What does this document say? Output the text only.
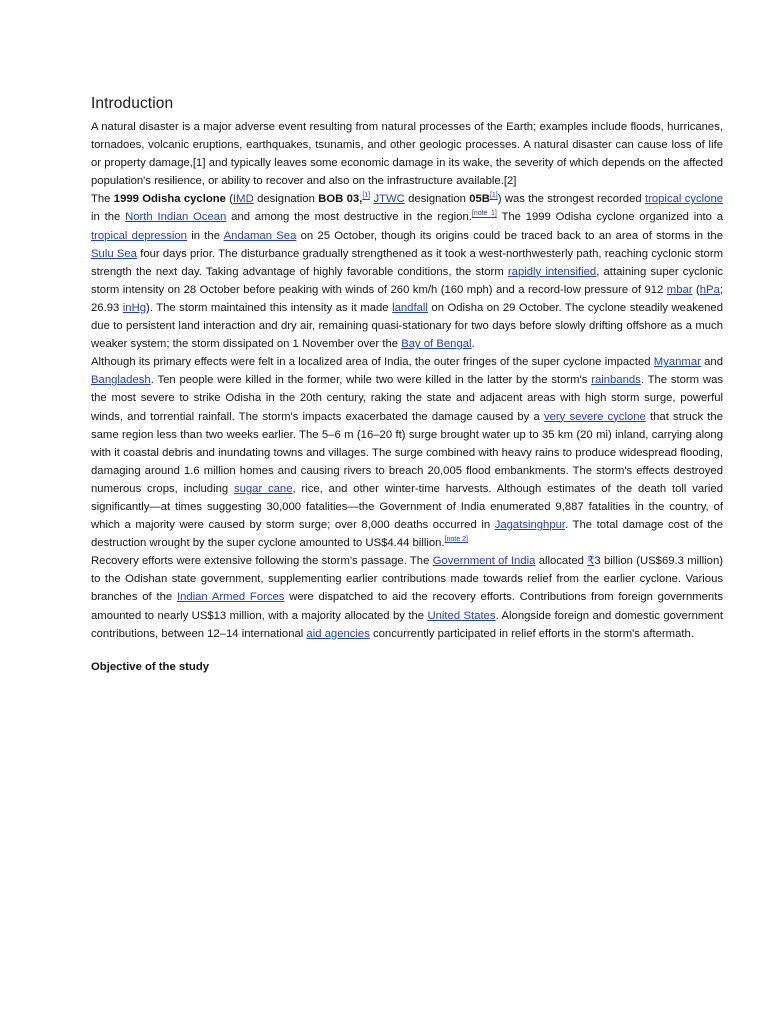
Introduction

A natural disaster is a major adverse event resulting from natural processes of the Earth; examples include floods, hurricanes, tornadoes, volcanic eruptions, earthquakes, tsunamis, and other geologic processes. A natural disaster can cause loss of life or property damage,[1] and typically leaves some economic damage in its wake, the severity of which depends on the affected population's resilience, or ability to recover and also on the infrastructure available.[2]

The 1999 Odisha cyclone (IMD designation BOB 03,[1] JTWC designation 05B[1]) was the strongest recorded tropical cyclone in the North Indian Ocean and among the most destructive in the region.[note 1] The 1999 Odisha cyclone organized into a tropical depression in the Andaman Sea on 25 October, though its origins could be traced back to an area of storms in the Sulu Sea four days prior. The disturbance gradually strengthened as it took a west-northwesterly path, reaching cyclonic storm strength the next day. Taking advantage of highly favorable conditions, the storm rapidly intensified, attaining super cyclonic storm intensity on 28 October before peaking with winds of 260 km/h (160 mph) and a record-low pressure of 912 mbar (hPa; 26.93 inHg). The storm maintained this intensity as it made landfall on Odisha on 29 October. The cyclone steadily weakened due to persistent land interaction and dry air, remaining quasi-stationary for two days before slowly drifting offshore as a much weaker system; the storm dissipated on 1 November over the Bay of Bengal.

Although its primary effects were felt in a localized area of India, the outer fringes of the super cyclone impacted Myanmar and Bangladesh. Ten people were killed in the former, while two were killed in the latter by the storm's rainbands. The storm was the most severe to strike Odisha in the 20th century, raking the state and adjacent areas with high storm surge, powerful winds, and torrential rainfall. The storm's impacts exacerbated the damage caused by a very severe cyclone that struck the same region less than two weeks earlier. The 5–6 m (16–20 ft) surge brought water up to 35 km (20 mi) inland, carrying along with it coastal debris and inundating towns and villages. The surge combined with heavy rains to produce widespread flooding, damaging around 1.6 million homes and causing rivers to breach 20,005 flood embankments. The storm's effects destroyed numerous crops, including sugar cane, rice, and other winter-time harvests. Although estimates of the death toll varied significantly—at times suggesting 30,000 fatalities—the Government of India enumerated 9,887 fatalities in the country, of which a majority were caused by storm surge; over 8,000 deaths occurred in Jagatsinghpur. The total damage cost of the destruction wrought by the super cyclone amounted to US$4.44 billion.[note 2]

Recovery efforts were extensive following the storm's passage. The Government of India allocated ₹3 billion (US$69.3 million) to the Odishan state government, supplementing earlier contributions made towards relief from the earlier cyclone. Various branches of the Indian Armed Forces were dispatched to aid the recovery efforts. Contributions from foreign governments amounted to nearly US$13 million, with a majority allocated by the United States. Alongside foreign and domestic government contributions, between 12–14 international aid agencies concurrently participated in relief efforts in the storm's aftermath.

Objective of the study
